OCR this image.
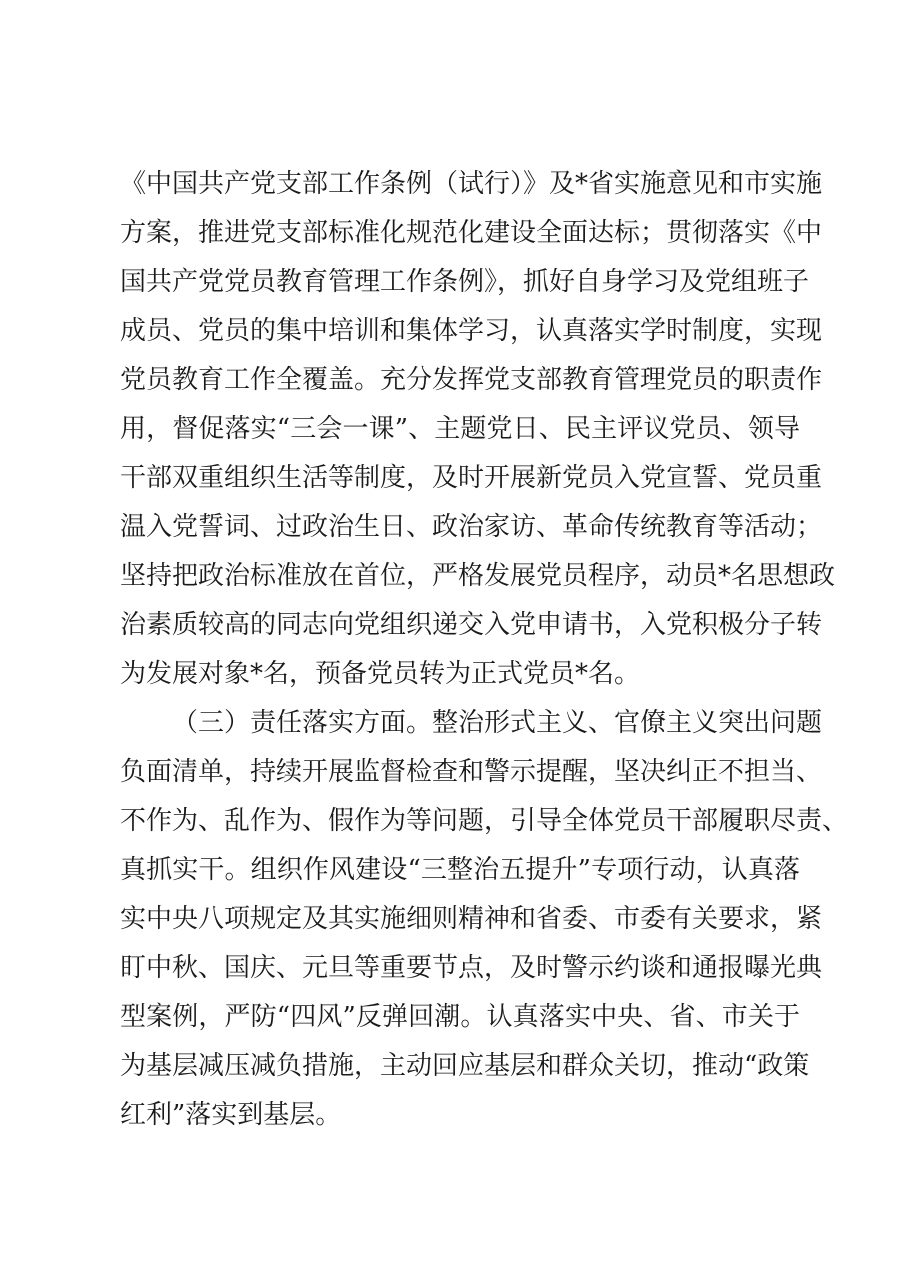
《中国共产党支部工作条例（试行）》及*省实施意见和市实施
方案，推进党支部标准化规范化建设全面达标；贯彻落实《中
国共产党党员教育管理工作条例》，抓好自身学习及党组班子
成员、党员的集中培训和集体学习，认真落实学时制度，实现
党员教育工作全覆盖。充分发挥党支部教育管理党员的职责作
用，督促落实“三会一课”、主题党日、民主评议党员、领导
干部双重组织生活等制度，及时开展新党员入党宣誓、党员重
温入党誓词、过政治生日、政治家访、革命传统教育等活动；
坚持把政治标准放在首位，严格发展党员程序，动员*名思想政
治素质较高的同志向党组织递交入党申请书，入党积极分子转
为发展对象*名，预备党员转为正式党员*名。
（三）责任落实方面。整治形式主义、官僚主义突出问题
负面清单，持续开展监督检查和警示提醒，坚决纠正不担当、
不作为、乱作为、假作为等问题，引导全体党员干部履职尽责、
真抓实干。组织作风建设“三整治五提升”专项行动，认真落
实中央八项规定及其实施细则精神和省委、市委有关要求，紧
盯中秋、国庆、元旦等重要节点，及时警示约谈和通报曝光典
型案例，严防“四风”反弹回潮。认真落实中央、省、市关于
为基层减压减负措施，主动回应基层和群众关切，推动“政策
红利”落实到基层。
